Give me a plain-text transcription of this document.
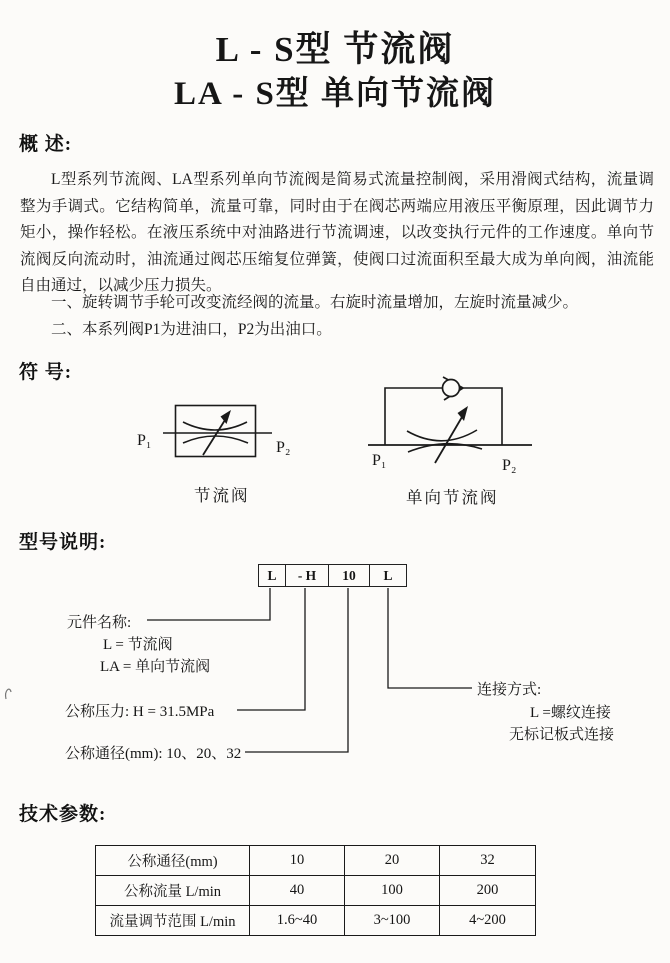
L - S型 节流阀
LA - S型 单向节流阀
概 述:

L型系列节流阀、LA型系列单向节流阀是简易式流量控制阀，采用滑阀式结构，流量调整为手调式。它结构简单，流量可靠，同时由于在阀芯两端应用液压平衡原理，因此调节力矩小，操作轻松。在液压系统中对油路进行节流调速，以改变执行元件的工作速度。单向节流阀反向流动时，油流通过阀芯压缩复位弹簧，使阀口过流面积至最大成为单向阀，油流能自由通过，以减少压力损失。

一、旋转调节手轮可改变流经阀的流量。右旋时流量增加，左旋时流量减少。

二、本系列阀P1为进油口，P2为出油口。

符 号:
P₁	P₂
节流阀
P₁	P₂
单向节流阀
型号说明:
L	- H	10	L
元件名称:
L = 节流阀
LA = 单向节流阀
公称压力: H = 31.5MPa
公称通径(mm): 10、20、32
连接方式:
L =螺纹连接
无标记板式连接
技术参数:
公称通径(mm)	10	20	32
公称流量 L/min	40	100	200
流量调节范围 L/min	1.6~40	3~100	4~200
